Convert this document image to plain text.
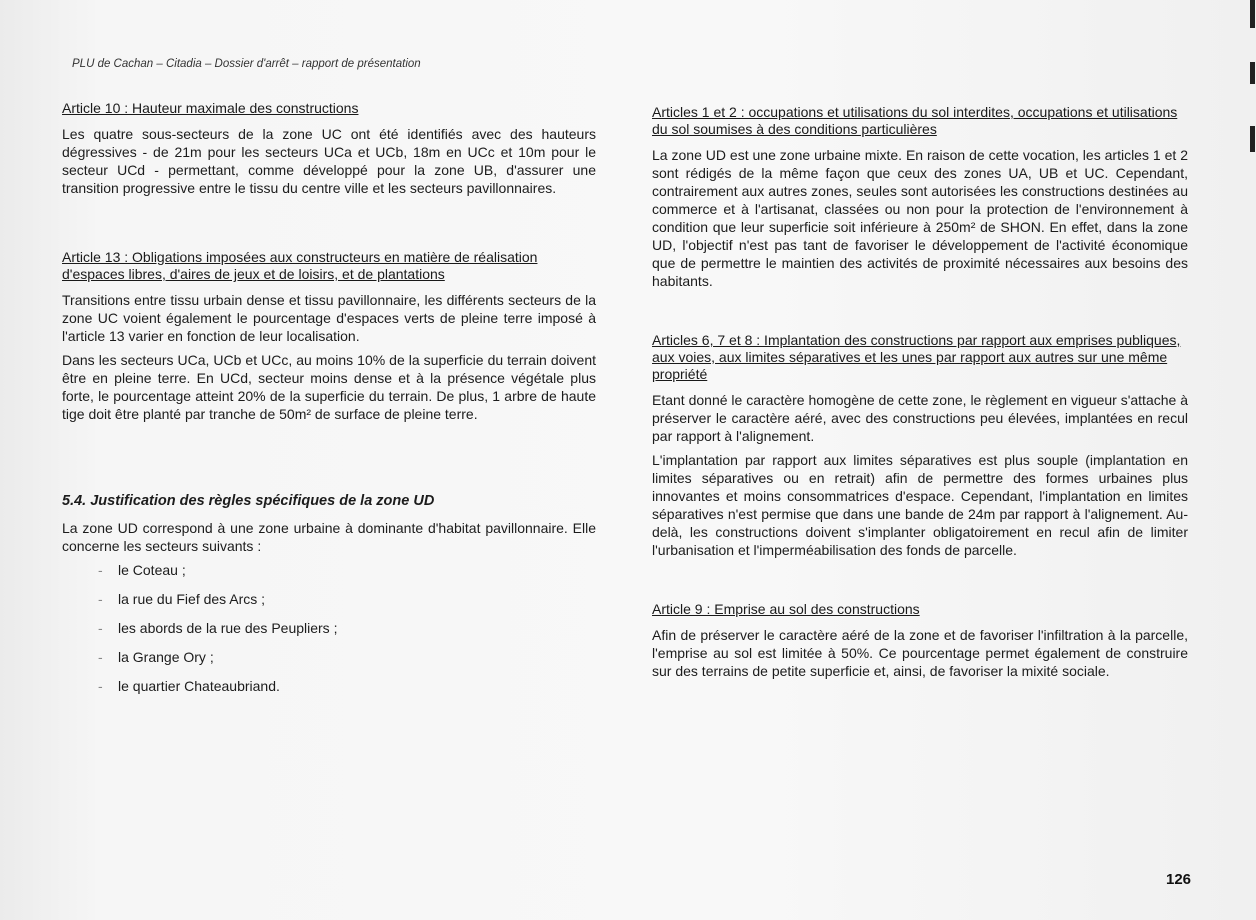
PLU de Cachan – Citadia – Dossier d'arrêt – rapport de présentation

Article 10 : Hauteur maximale des constructions

Les quatre sous-secteurs de la zone UC ont été identifiés avec des hauteurs dégressives - de 21m pour les secteurs UCa et UCb, 18m en UCc et 10m pour le secteur UCd - permettant, comme développé pour la zone UB, d'assurer une transition progressive entre le tissu du centre ville et les secteurs pavillonnaires.

Article 13 : Obligations imposées aux constructeurs en matière de réalisation d'espaces libres, d'aires de jeux et de loisirs, et de plantations

Transitions entre tissu urbain dense et tissu pavillonnaire, les différents secteurs de la zone UC voient également le pourcentage d'espaces verts de pleine terre imposé à l'article 13 varier en fonction de leur localisation.

Dans les secteurs UCa, UCb et UCc, au moins 10% de la superficie du terrain doivent être en pleine terre. En UCd, secteur moins dense et à la présence végétale plus forte, le pourcentage atteint 20% de la superficie du terrain. De plus, 1 arbre de haute tige doit être planté par tranche de 50m² de surface de pleine terre.

5.4. Justification des règles spécifiques de la zone UD

La zone UD correspond à une zone urbaine à dominante d'habitat pavillonnaire. Elle concerne les secteurs suivants :

- le Coteau ;
- la rue du Fief des Arcs ;
- les abords de la rue des Peupliers ;
- la Grange Ory ;
- le quartier Chateaubriand.

Articles 1 et 2 : occupations et utilisations du sol interdites, occupations et utilisations du sol soumises à des conditions particulières

La zone UD est une zone urbaine mixte. En raison de cette vocation, les articles 1 et 2 sont rédigés de la même façon que ceux des zones UA, UB et UC. Cependant, contrairement aux autres zones, seules sont autorisées les constructions destinées au commerce et à l'artisanat, classées ou non pour la protection de l'environnement à condition que leur superficie soit inférieure à 250m² de SHON. En effet, dans la zone UD, l'objectif n'est pas tant de favoriser le développement de l'activité économique que de permettre le maintien des activités de proximité nécessaires aux besoins des habitants.

Articles 6, 7 et 8 : Implantation des constructions par rapport aux emprises publiques, aux voies, aux limites séparatives et les unes par rapport aux autres sur une même propriété

Etant donné le caractère homogène de cette zone, le règlement en vigueur s'attache à préserver le caractère aéré, avec des constructions peu élevées, implantées en recul par rapport à l'alignement.

L'implantation par rapport aux limites séparatives est plus souple (implantation en limites séparatives ou en retrait) afin de permettre des formes urbaines plus innovantes et moins consommatrices d'espace. Cependant, l'implantation en limites séparatives n'est permise que dans une bande de 24m par rapport à l'alignement. Au-delà, les constructions doivent s'implanter obligatoirement en recul afin de limiter l'urbanisation et l'imperméabilisation des fonds de parcelle.

Article 9 : Emprise au sol des constructions

Afin de préserver le caractère aéré de la zone et de favoriser l'infiltration à la parcelle, l'emprise au sol est limitée à 50%. Ce pourcentage permet également de construire sur des terrains de petite superficie et, ainsi, de favoriser la mixité sociale.

126
